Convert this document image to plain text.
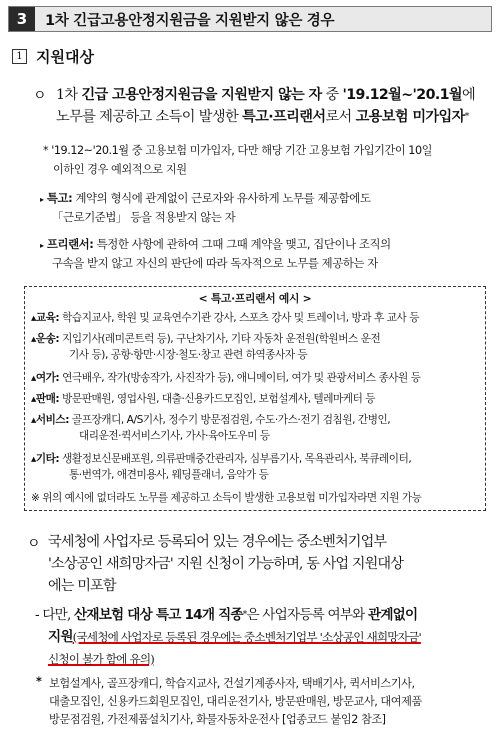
3	1차 긴급고용안정지원금을 지원받지 않은 경우
1 지원대상
ㅇ 1차 긴급 고용안정지원금을 지원받지 않는 자 중 '19.12월~'20.1월에
노무를 제공하고 소득이 발생한 특고·프리랜서로서 고용보험 미가입자*
* '19.12~'20.1월 중 고용보험 미가입자, 다만 해당 기간 고용보험 가입기간이 10일
이하인 경우 예외적으로 지원
▸ 특고: 계약의 형식에 관계없이 근로자와 유사하게 노무를 제공함에도
「근로기준법」 등을 적용받지 않는 자
▸ 프리랜서: 특정한 사항에 관하여 그때 그때 계약을 맺고, 집단이나 조직의
구속을 받지 않고 자신의 판단에 따라 독자적으로 노무를 제공하는 자
< 특고·프리랜서 예시 >
▴교육: 학습지교사, 학원 및 교육연수기관 강사, 스포츠 강사 및 트레이너, 방과 후 교사 등
▴운송: 지입기사(레미콘트럭 등), 구난차기사, 기타 자동차 운전원(학원버스 운전
기사 등), 공항·항만·시장·철도·창고 관련 하역종사자 등
▴여가: 연극배우, 작가(방송작가, 사진작가 등), 애니메이터, 여가 및 관광서비스 종사원 등
▴판매: 방문판매원, 영업사원, 대출·신용카드모집인, 보험설계사, 텔레마케터 등
▴서비스: 골프장캐디, A/S기사, 정수기 방문점검원, 수도·가스·전기 검침원, 간병인,
대리운전·퀵서비스기사, 가사·육아도우미 등
▴기타: 생활정보신문배포원, 의류판매중간관리자, 심부름기사, 목욕관리사, 북큐레이터,
통·번역가, 애견미용사, 웨딩플래너, 음악가 등
※ 위의 예시에 없더라도 노무를 제공하고 소득이 발생한 고용보험 미가입자라면 지원 가능
ㅇ 국세청에 사업자로 등록되어 있는 경우에는 중소벤처기업부
'소상공인 새희망자금' 지원 신청이 가능하며, 동 사업 지원대상
에는 미포함
- 다만, 산재보험 대상 특고 14개 직종*은 사업자등록 여부와 관계없이
지원(국세청에 사업자로 등록된 경우에는 중소벤처기업부 '소상공인 새희망자금'
신청이 불가 함에 유의)
* 보험설계사, 골프장캐디, 학습지교사, 건설기계종사자, 택배기사, 퀵서비스기사,
대출모집인, 신용카드회원모집인, 대리운전기사, 방문판매원, 방문교사, 대여제품
방문점검원, 가전제품설치기사, 화물자동차운전사 [업종코드 붙임2 참조]
